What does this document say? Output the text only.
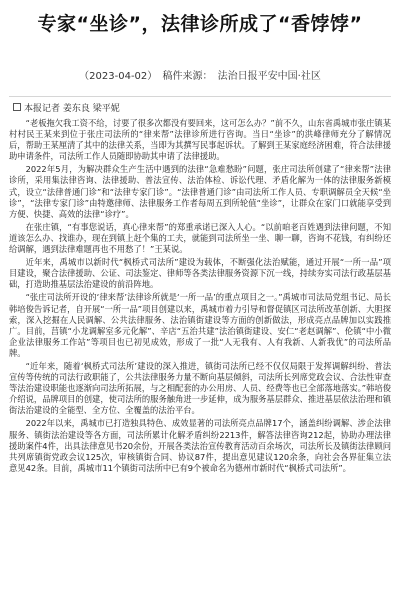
专家“坐诊”，法律诊所成了“香饽饽”
（2023-04-02） 稿件来源： 法治日报平安中国·社区
本报记者 姜东良 梁平妮

“老板拖欠我工资不给，讨要了很多次都没有要回来，这可怎么办？”前不久，山东省禹城市张庄镇某村村民王某来到位于张庄司法所的“律来帮”法律诊所进行咨询。当日“坐诊”的洪峰律师充分了解情况后，帮助王某厘清了其中的法律关系，当即为其撰写民事起诉状。了解到王某家庭经济困难，符合法律援助申请条件，司法所工作人员随即协助其申请了法律援助。

2022年5月，为解决群众生产生活中遇到的法律“急难愁盼”问题，张庄司法所创建了“律来帮”法律诊所，采用集法律咨询、法律援助、普法宣传、法治体检、诉讼代理、矛盾化解为一体的法律服务新模式，设立“法律普通门诊”和“法律专家门诊”。“法律普通门诊”由司法所工作人员、专职调解员全天候“坐诊”，“法律专家门诊”由特邀律师、法律服务工作者每周五到所轮值“坐诊”，让群众在家门口就能享受到方便、快捷、高效的法律“诊疗”。

在张庄镇，“有事您说话，真心律来帮”的郑重承诺已深入人心。“以前咱老百姓遇到法律问题，不知道该怎么办、找谁办，现在到镇上赶个集的工夫，就能到司法所坐一坐、聊一聊，咨询不花钱，有纠纷还给调解，遇到法律难题再也不用愁了！”王某说。

近年来，禹城市以新时代“枫桥式司法所”建设为载体，不断强化法治赋能，通过开展“一所一品”项目建设，聚合法律援助、公证、司法鉴定、律师等各类法律服务资源下沉一线，持续夯实司法行政基层基础，打造助推基层法治建设的前沿阵地。

“张庄司法所开设的‘律来帮’法律诊所就是‘一所一品’的重点项目之一。”禹城市司法局党组书记、局长韩培俊告诉记者，自开展“一所一品”项目创建以来，禹城市着力引导和督促镇区司法所改革创新、大胆探索，深入挖掘在人民调解、公共法律服务、法治镇街建设等方面的创新做法，形成亮点品牌加以实践推广。目前，莒镇“小龙调解室多元化解”、辛店“五治共建”法治镇街建设、安仁“老赵调解”、伦镇“中小微企业法律服务工作站”等项目也已初见成效，形成了一批“人无我有、人有我新、人新我优”的司法所品牌。

“近年来，随着‘枫桥式司法所’建设的深入推进，镇街司法所已经不仅仅局限于发挥调解纠纷、普法宣传等传统的司法行政职能了，公共法律服务力量不断向基层倾斜，司法所长列席党政会议、合法性审查等法治建设职能也逐渐向司法所拓展，与之相配套的办公用房、人员、经费等也已全部落地落实。”韩培俊介绍说，品牌项目的创建，使司法所的服务触角进一步延伸，成为服务基层群众、推进基层依法治理和镇街法治建设的全能型、全方位、全覆盖的法治平台。

2022年以来，禹城市已打造独具特色、成效显著的司法所亮点品牌17个，涵盖纠纷调解、涉企法律服务、镇街法治建设等各方面，司法所累计化解矛盾纠纷2213件，解答法律咨询212起，协助办理法律援助案件4件，出具法律意见书20余份，开展各类法治宣传教育活动百余场次，司法所长及镇街法律顾问共列席镇街党政会议125次，审核镇街合同、协议87件，提出意见建议120余条，向社会各界征集立法意见42条。目前，禹城市11个镇街司法所中已有9个被命名为德州市新时代“枫桥式司法所”。
